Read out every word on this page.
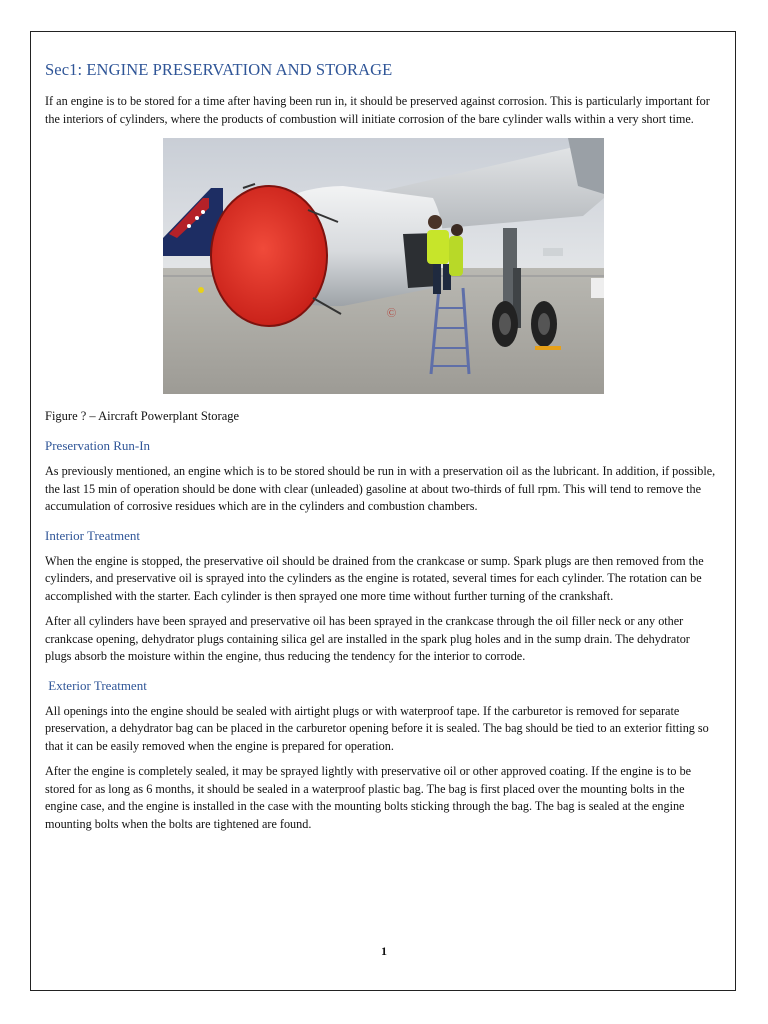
Sec1: ENGINE PRESERVATION AND STORAGE

If an engine is to be stored for a time after having been run in, it should be preserved against corrosion. This is particularly important for the interiors of cylinders, where the products of combustion will initiate corrosion of the bare cylinder walls within a very short time.

Ⓒ
Figure ? – Aircraft Powerplant Storage
Preservation Run-In

As previously mentioned, an engine which is to be stored should be run in with a preservation oil as the lubricant. In addition, if possible, the last 15 min of operation should be done with clear (unleaded) gasoline at about two-thirds of full rpm. This will tend to remove the accumulation of corrosive residues which are in the cylinders and combustion chambers.

Interior Treatment

When the engine is stopped, the preservative oil should be drained from the crankcase or sump. Spark plugs are then removed from the cylinders, and preservative oil is sprayed into the cylinders as the engine is rotated, several times for each cylinder. The rotation can be accomplished with the starter. Each cylinder is then sprayed one more time without further turning of the crankshaft.

After all cylinders have been sprayed and preservative oil has been sprayed in the crankcase through the oil filler neck or any other crankcase opening, dehydrator plugs containing silica gel are installed in the spark plug holes and in the sump drain. The dehydrator plugs absorb the moisture within the engine, thus reducing the tendency for the interior to corrode.

Exterior Treatment

All openings into the engine should be sealed with airtight plugs or with waterproof tape. If the carburetor is removed for separate preservation, a dehydrator bag can be placed in the carburetor opening before it is sealed. The bag should be tied to an exterior fitting so that it can be easily removed when the engine is prepared for operation.

After the engine is completely sealed, it may be sprayed lightly with preservative oil or other approved coating. If the engine is to be stored for as long as 6 months, it should be sealed in a waterproof plastic bag. The bag is first placed over the mounting bolts in the engine case, and the engine is installed in the case with the mounting bolts sticking through the bag. The bag is sealed at the engine mounting bolts when the bolts are tightened are found.

1
